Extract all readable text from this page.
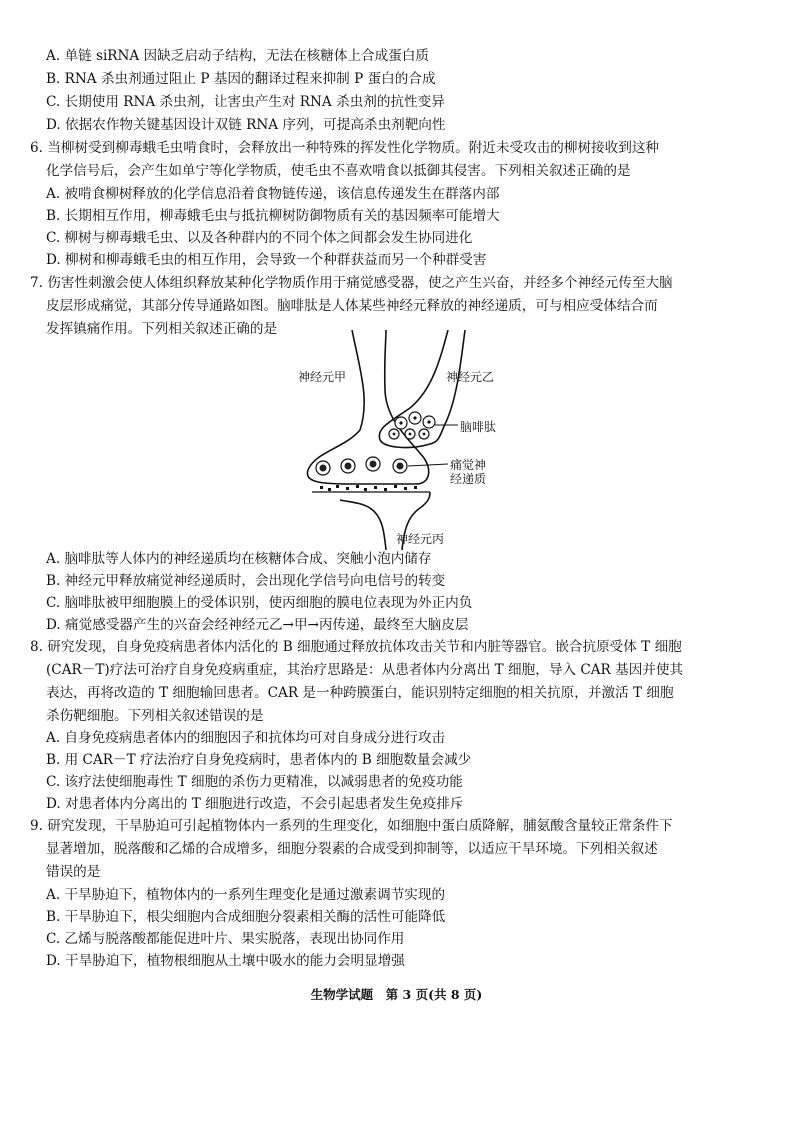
A. 单链 siRNA 因缺乏启动子结构，无法在核糖体上合成蛋白质
B. RNA 杀虫剂通过阻止 P 基因的翻译过程来抑制 P 蛋白的合成
C. 长期使用 RNA 杀虫剂，让害虫产生对 RNA 杀虫剂的抗性变异
D. 依据农作物关键基因设计双链 RNA 序列，可提高杀虫剂靶向性
6. 当柳树受到柳毒蛾毛虫啃食时，会释放出一种特殊的挥发性化学物质。附近未受攻击的柳树接收到这种
化学信号后，会产生如单宁等化学物质，使毛虫不喜欢啃食以抵御其侵害。下列相关叙述正确的是
A. 被啃食柳树释放的化学信息沿着食物链传递，该信息传递发生在群落内部
B. 长期相互作用，柳毒蛾毛虫与抵抗柳树防御物质有关的基因频率可能增大
C. 柳树与柳毒蛾毛虫、以及各种群内的不同个体之间都会发生协同进化
D. 柳树和柳毒蛾毛虫的相互作用，会导致一个种群获益而另一个种群受害
7. 伤害性刺激会使人体组织释放某种化学物质作用于痛觉感受器，使之产生兴奋，并经多个神经元传至大脑
皮层形成痛觉，其部分传导通路如图。脑啡肽是人体某些神经元释放的神经递质，可与相应受体结合而
发挥镇痛作用。下列相关叙述正确的是
神经元甲	神经元乙
脑啡肽
痛觉神
经递质
神经元丙
A. 脑啡肽等人体内的神经递质均在核糖体合成、突触小泡内储存
B. 神经元甲释放痛觉神经递质时，会出现化学信号向电信号的转变
C. 脑啡肽被甲细胞膜上的受体识别，使丙细胞的膜电位表现为外正内负
D. 痛觉感受器产生的兴奋会经神经元乙→甲→丙传递，最终至大脑皮层
8. 研究发现，自身免疫病患者体内活化的 B 细胞通过释放抗体攻击关节和内脏等器官。嵌合抗原受体 T 细胞
(CAR－T)疗法可治疗自身免疫病重症，其治疗思路是：从患者体内分离出 T 细胞，导入 CAR 基因并使其
表达，再将改造的 T 细胞输回患者。CAR 是一种跨膜蛋白，能识别特定细胞的相关抗原，并激活 T 细胞
杀伤靶细胞。下列相关叙述错误的是
A. 自身免疫病患者体内的细胞因子和抗体均可对自身成分进行攻击
B. 用 CAR－T 疗法治疗自身免疫病时，患者体内的 B 细胞数量会减少
C. 该疗法使细胞毒性 T 细胞的杀伤力更精准，以减弱患者的免疫功能
D. 对患者体内分离出的 T 细胞进行改造，不会引起患者发生免疫排斥
9. 研究发现，干旱胁迫可引起植物体内一系列的生理变化，如细胞中蛋白质降解，脯氨酸含量较正常条件下
显著增加，脱落酸和乙烯的合成增多，细胞分裂素的合成受到抑制等，以适应干旱环境。下列相关叙述
错误的是
A. 干旱胁迫下，植物体内的一系列生理变化是通过激素调节实现的
B. 干旱胁迫下，根尖细胞内合成细胞分裂素相关酶的活性可能降低
C. 乙烯与脱落酸都能促进叶片、果实脱落，表现出协同作用
D. 干旱胁迫下，植物根细胞从土壤中吸水的能力会明显增强
生物学试题　第 3 页(共 8 页)
